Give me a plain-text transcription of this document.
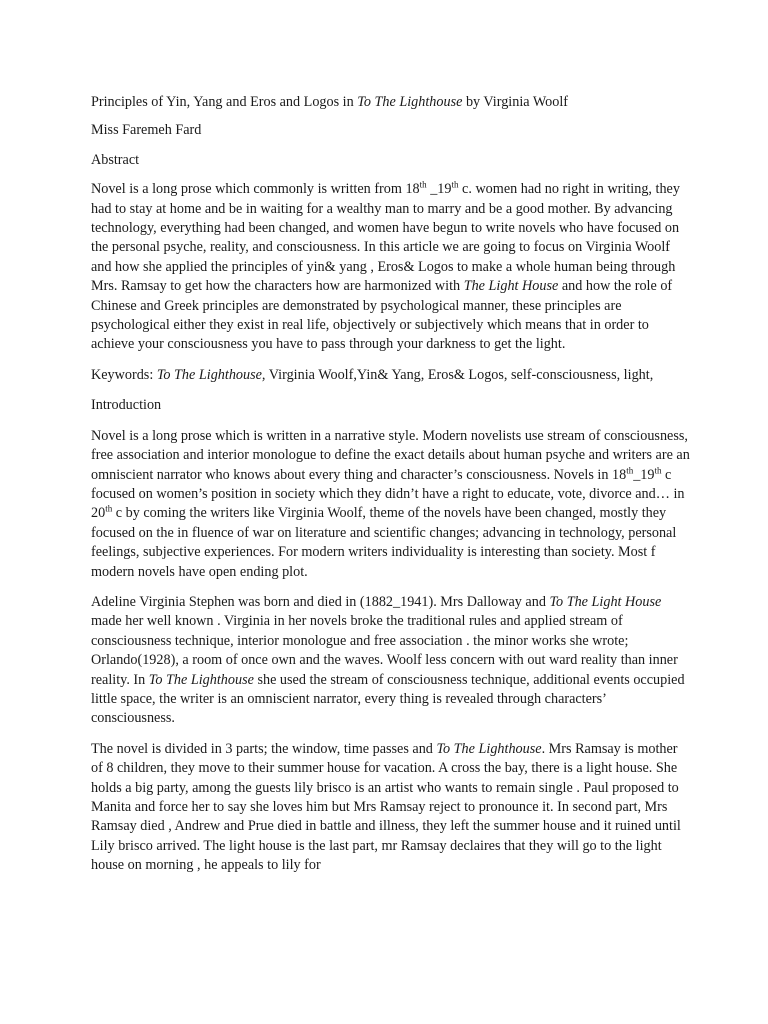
Principles of Yin, Yang and Eros and Logos in To The Lighthouse by Virginia Woolf

Miss Faremeh Fard

Abstract

Novel is a long prose which commonly is written from 18th _19th c. women had no right in writing, they had to stay at home and be in waiting for a wealthy man to marry and be a good mother. By advancing technology, everything had been changed, and women have begun to write novels who have focused on the personal psyche, reality, and consciousness. In this article we are going to focus on Virginia Woolf and how she applied the principles of yin& yang , Eros& Logos to make a whole human being through Mrs. Ramsay to get how the characters how are harmonized with The Light House and how the role of Chinese and Greek principles are demonstrated by psychological manner, these principles are psychological either they exist in real life, objectively or subjectively which means that in order to achieve your consciousness you have to pass through your darkness to get the light.

Keywords: To The Lighthouse, Virginia Woolf,Yin& Yang, Eros& Logos, self-consciousness, light,

Introduction

Novel is a long prose which is written in a narrative style. Modern novelists use stream of consciousness, free association and interior monologue to define the exact details about human psyche and writers are an omniscient narrator who knows about every thing and character’s consciousness. Novels in 18th_19th c focused on women’s position in society which they didn’t have a right to educate, vote, divorce and… in 20th c by coming the writers like Virginia Woolf, theme of the novels have been changed, mostly they focused on the in fluence of war on literature and scientific changes; advancing in technology, personal feelings, subjective experiences. For modern writers individuality is interesting than society. Most f modern novels have open ending plot.

Adeline Virginia Stephen was born and died in (1882_1941). Mrs Dalloway and To The Light House made her well known . Virginia in her novels broke the traditional rules and applied stream of consciousness technique, interior monologue and free association . the minor works she wrote; Orlando(1928), a room of once own and the waves. Woolf less concern with out ward reality than inner reality. In To The Lighthouse she used the stream of consciousness technique, additional events occupied little space, the writer is an omniscient narrator, every thing is revealed through characters’ consciousness.

The novel is divided in 3 parts; the window, time passes and To The Lighthouse. Mrs Ramsay is mother of 8 children, they move to their summer house for vacation. A cross the bay, there is a light house. She holds a big party, among the guests lily brisco is an artist who wants to remain single . Paul proposed to Manita and force her to say she loves him but Mrs Ramsay reject to pronounce it. In second part, Mrs Ramsay died , Andrew and Prue died in battle and illness, they left the summer house and it ruined until Lily brisco arrived. The light house is the last part, mr Ramsay declaires that they will go to the light house on morning , he appeals to lily for
